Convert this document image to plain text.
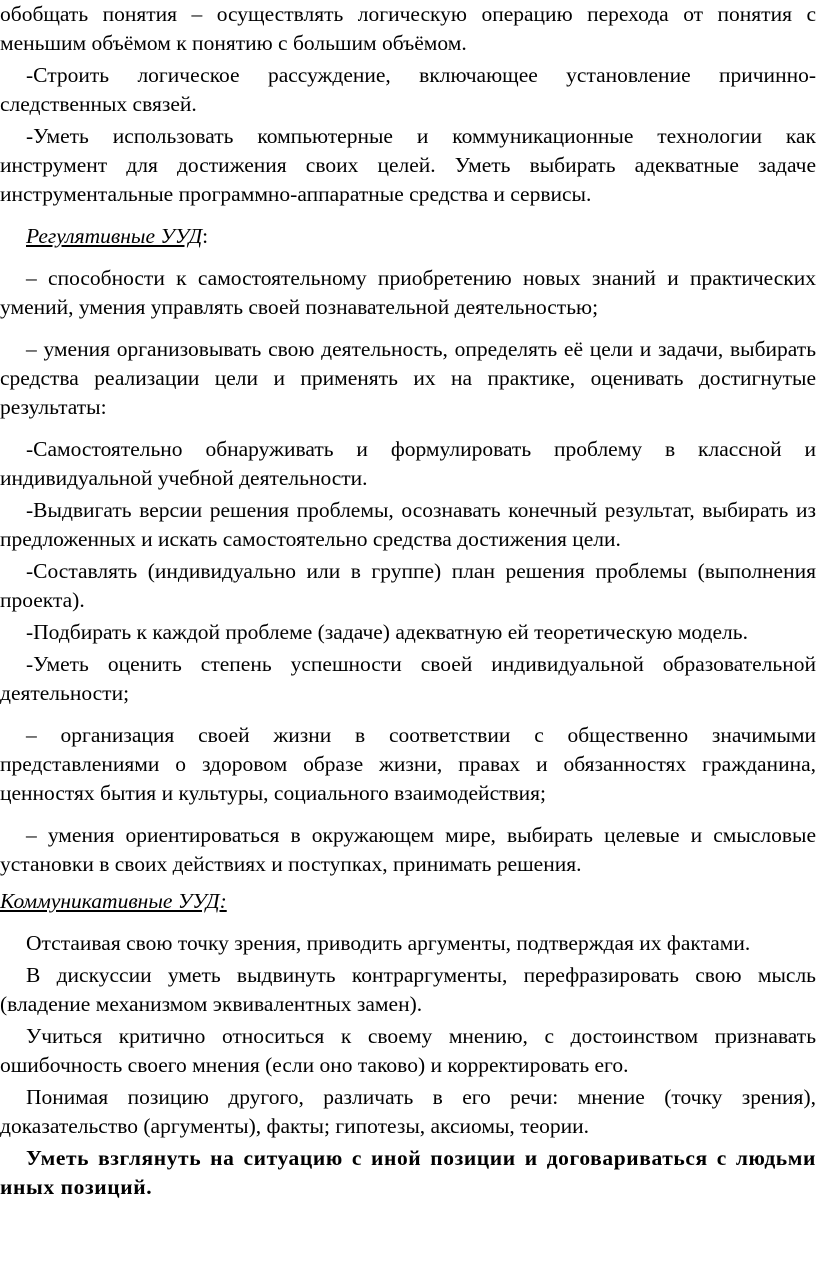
обобщать понятия – осуществлять логическую операцию перехода от понятия с меньшим объёмом к понятию с большим объёмом.

-Строить логическое рассуждение, включающее установление причинно-следственных связей.

-Уметь использовать компьютерные и коммуникационные технологии как инструмент для достижения своих целей. Уметь выбирать адекватные задаче инструментальные программно-аппаратные средства и сервисы.

Регулятивные УУД:

– способности к самостоятельному приобретению новых знаний и практических умений, умения управлять своей познавательной деятельностью;

– умения организовывать свою деятельность, определять её цели и задачи, выбирать средства реализации цели и применять их на практике, оценивать достигнутые результаты:

-Самостоятельно обнаруживать и формулировать проблему в классной и индивидуальной учебной деятельности.

-Выдвигать версии решения проблемы, осознавать конечный результат, выбирать из предложенных и искать самостоятельно средства достижения цели.

-Составлять (индивидуально или в группе) план решения проблемы (выполнения проекта).

-Подбирать к каждой проблеме (задаче) адекватную ей теоретическую модель.

-Уметь оценить степень успешности своей индивидуальной образовательной деятельности;

– организация своей жизни в соответствии с общественно значимыми представлениями о здоровом образе жизни, правах и обязанностях гражданина, ценностях бытия и культуры, социального взаимодействия;

– умения ориентироваться в окружающем мире, выбирать целевые и смысловые установки в своих действиях и поступках, принимать решения.

Коммуникативные УУД:

Отстаивая свою точку зрения, приводить аргументы, подтверждая их фактами.

В дискуссии уметь выдвинуть контраргументы, перефразировать свою мысль (владение механизмом эквивалентных замен).

Учиться критично относиться к своему мнению, с достоинством признавать ошибочность своего мнения (если оно таково) и корректировать его.

Понимая позицию другого, различать в его речи: мнение (точку зрения), доказательство (аргументы), факты; гипотезы, аксиомы, теории.

Уметь взглянуть на ситуацию с иной позиции и договариваться с людьми иных позиций.
